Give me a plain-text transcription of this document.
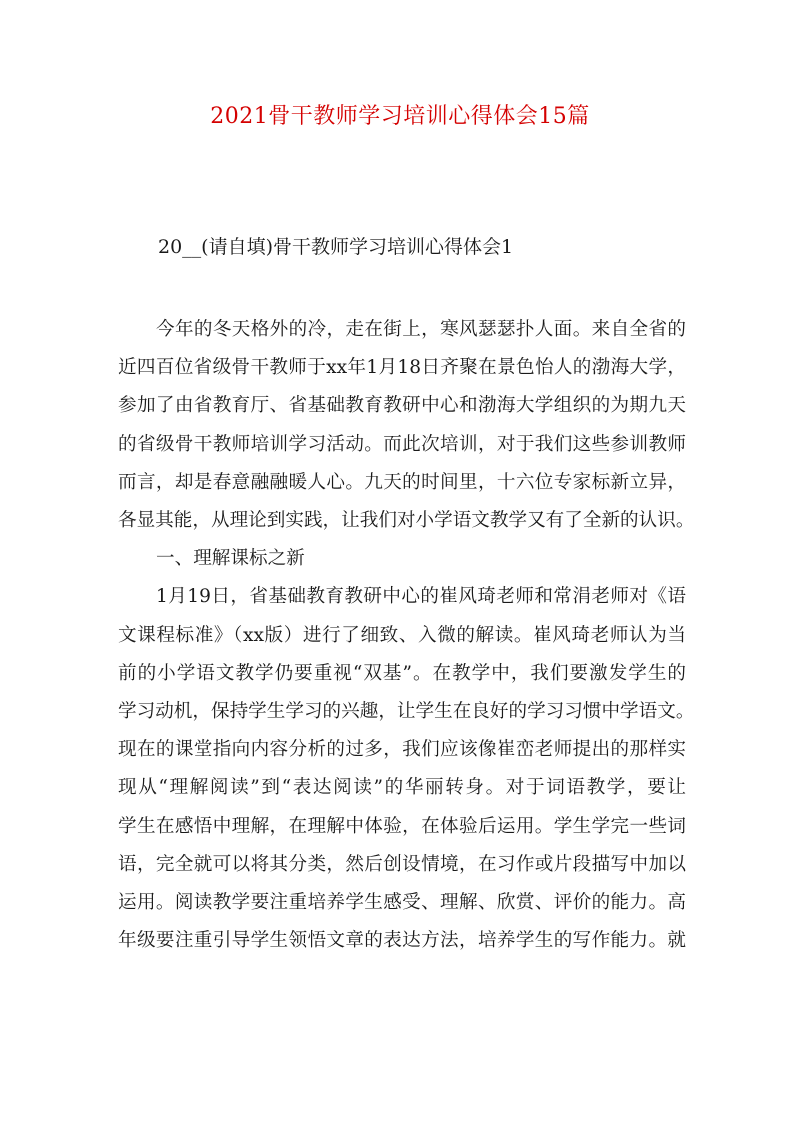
2021骨干教师学习培训心得体会15篇
20__(请自填)骨干教师学习培训心得体会1

今年的冬天格外的冷，走在街上，寒风瑟瑟扑人面。来自全省的
近四百位省级骨干教师于xx年1月18日齐聚在景色怡人的渤海大学，
参加了由省教育厅、省基础教育教研中心和渤海大学组织的为期九天
的省级骨干教师培训学习活动。而此次培训，对于我们这些参训教师
而言，却是春意融融暖人心。九天的时间里，十六位专家标新立异，
各显其能，从理论到实践，让我们对小学语文教学又有了全新的认识。

一、理解课标之新

1月19日，省基础教育教研中心的崔风琦老师和常涓老师对《语
文课程标准》（xx版）进行了细致、入微的解读。崔风琦老师认为当
前的小学语文教学仍要重视“双基”。在教学中，我们要激发学生的
学习动机，保持学生学习的兴趣，让学生在良好的学习习惯中学语文。
现在的课堂指向内容分析的过多，我们应该像崔峦老师提出的那样实
现从“理解阅读”到“表达阅读”的华丽转身。对于词语教学，要让
学生在感悟中理解，在理解中体验，在体验后运用。学生学完一些词
语，完全就可以将其分类，然后创设情境，在习作或片段描写中加以
运用。阅读教学要注重培养学生感受、理解、欣赏、评价的能力。高
年级要注重引导学生领悟文章的表达方法，培养学生的写作能力。就
